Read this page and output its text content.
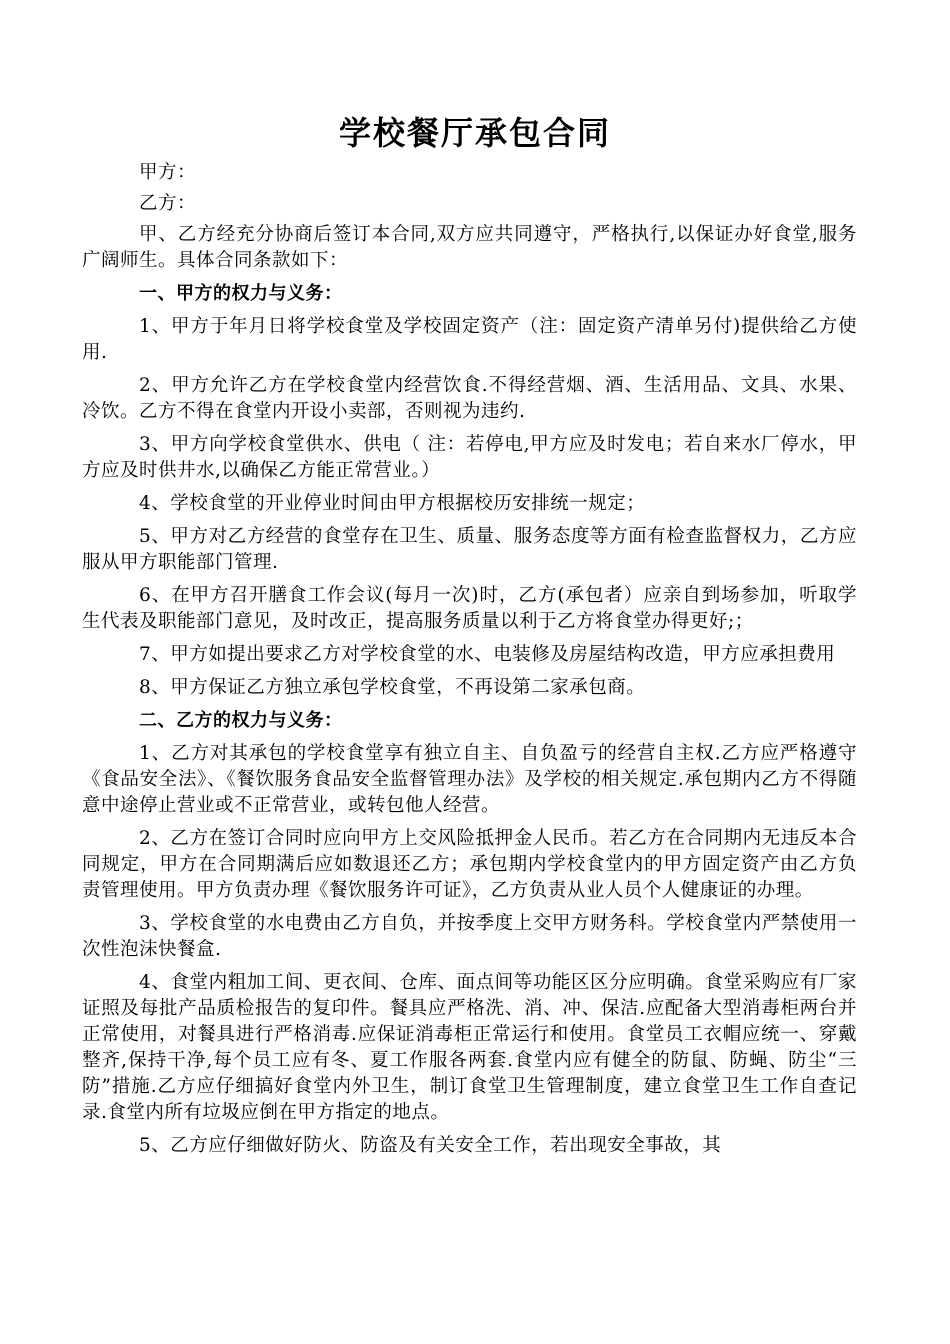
学校餐厅承包合同

甲方：

乙方：

甲、乙方经充分协商后签订本合同,双方应共同遵守，严格执行,以保证办好食堂,服务广阔师生。具体合同条款如下：

一、甲方的权力与义务：

1、甲方于年月日将学校食堂及学校固定资产（注：固定资产清单另付)提供给乙方使用.

2、甲方允许乙方在学校食堂内经营饮食.不得经营烟、酒、生活用品、文具、水果、冷饮。乙方不得在食堂内开设小卖部，否则视为违约.

3、甲方向学校食堂供水、供电（ 注：若停电,甲方应及时发电；若自来水厂停水，甲方应及时供井水,以确保乙方能正常营业。）

4、学校食堂的开业停业时间由甲方根据校历安排统一规定；

5、甲方对乙方经营的食堂存在卫生、质量、服务态度等方面有检查监督权力，乙方应服从甲方职能部门管理.

6、在甲方召开膳食工作会议(每月一次)时，乙方(承包者）应亲自到场参加，听取学生代表及职能部门意见，及时改正，提高服务质量以利于乙方将食堂办得更好;；

7、甲方如提出要求乙方对学校食堂的水、电装修及房屋结构改造，甲方应承担费用

8、甲方保证乙方独立承包学校食堂，不再设第二家承包商。

二、乙方的权力与义务：

1、乙方对其承包的学校食堂享有独立自主、自负盈亏的经营自主权.乙方应严格遵守《食品安全法》、《餐饮服务食品安全监督管理办法》及学校的相关规定.承包期内乙方不得随意中途停止营业或不正常营业，或转包他人经营。

2、乙方在签订合同时应向甲方上交风险抵押金人民币。若乙方在合同期内无违反本合同规定，甲方在合同期满后应如数退还乙方；承包期内学校食堂内的甲方固定资产由乙方负责管理使用。甲方负责办理《餐饮服务许可证》，乙方负责从业人员个人健康证的办理。

3、学校食堂的水电费由乙方自负，并按季度上交甲方财务科。学校食堂内严禁使用一次性泡沫快餐盒.

4、食堂内粗加工间、更衣间、仓库、面点间等功能区区分应明确。食堂采购应有厂家证照及每批产品质检报告的复印件。餐具应严格洗、消、冲、保洁.应配备大型消毒柜两台并正常使用，对餐具进行严格消毒.应保证消毒柜正常运行和使用。食堂员工衣帽应统一、穿戴整齐,保持干净,每个员工应有冬、夏工作服各两套.食堂内应有健全的防鼠、防蝇、防尘“三防”措施.乙方应仔细搞好食堂内外卫生，制订食堂卫生管理制度，建立食堂卫生工作自查记录.食堂内所有垃圾应倒在甲方指定的地点。

5、乙方应仔细做好防火、防盗及有关安全工作，若出现安全事故，其
